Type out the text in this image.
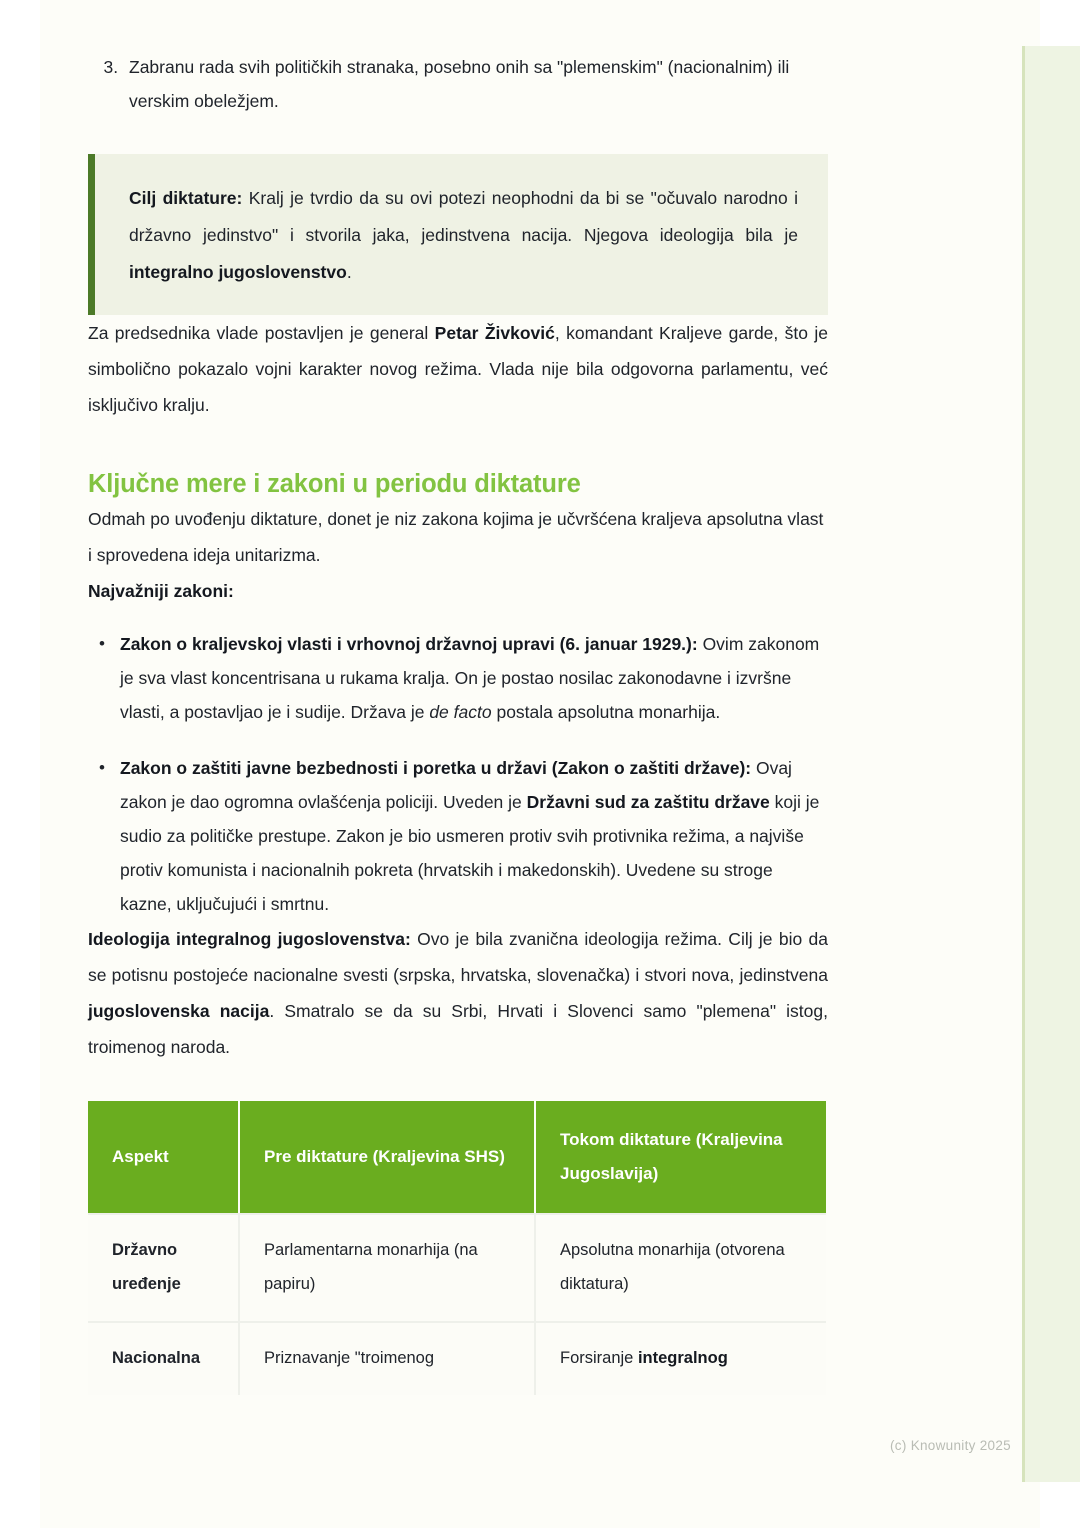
3. Zabranu rada svih političkih stranaka, posebno onih sa "plemenskim" (nacionalnim) ili verskim obeležjem.

Cilj diktature: Kralj je tvrdio da su ovi potezi neophodni da bi se "očuvalo narodno i državno jedinstvo" i stvorila jaka, jedinstvena nacija. Njegova ideologija bila je integralno jugoslovenstvo.

Za predsednika vlade postavljen je general Petar Živković, komandant Kraljeve garde, što je simbolično pokazalo vojni karakter novog režima. Vlada nije bila odgovorna parlamentu, već isključivo kralju.

Ključne mere i zakoni u periodu diktature

Odmah po uvođenju diktature, donet je niz zakona kojima je učvršćena kraljeva apsolutna vlast i sprovedena ideja unitarizma.

Najvažniji zakoni:

• Zakon o kraljevskoj vlasti i vrhovnoj državnoj upravi (6. januar 1929.): Ovim zakonom je sva vlast koncentrisana u rukama kralja. On je postao nosilac zakonodavne i izvršne vlasti, a postavljao je i sudije. Država je de facto postala apsolutna monarhija.
• Zakon o zaštiti javne bezbednosti i poretka u državi (Zakon o zaštiti države): Ovaj zakon je dao ogromna ovlašćenja policiji. Uveden je Državni sud za zaštitu države koji je sudio za političke prestupe. Zakon je bio usmeren protiv svih protivnika režima, a najviše protiv komunista i nacionalnih pokreta (hrvatskih i makedonskih). Uvedene su stroge kazne, uključujući i smrtnu.

Ideologija integralnog jugoslovenstva: Ovo je bila zvanična ideologija režima. Cilj je bio da se potisnu postojeće nacionalne svesti (srpska, hrvatska, slovenačka) i stvori nova, jedinstvena jugoslovenska nacija. Smatralo se da su Srbi, Hrvati i Slovenci samo "plemena" istog, troimenog naroda.

Aspekt	Pre diktature (Kraljevina SHS)	Tokom diktature (Kraljevina Jugoslavija)
Državno uređenje	Parlamentarna monarhija (na papiru)	Apsolutna monarhija (otvorena diktatura)
Nacionalna	Priznavanje "troimenog	Forsiranje integralnog
(c) Knowunity 2025
